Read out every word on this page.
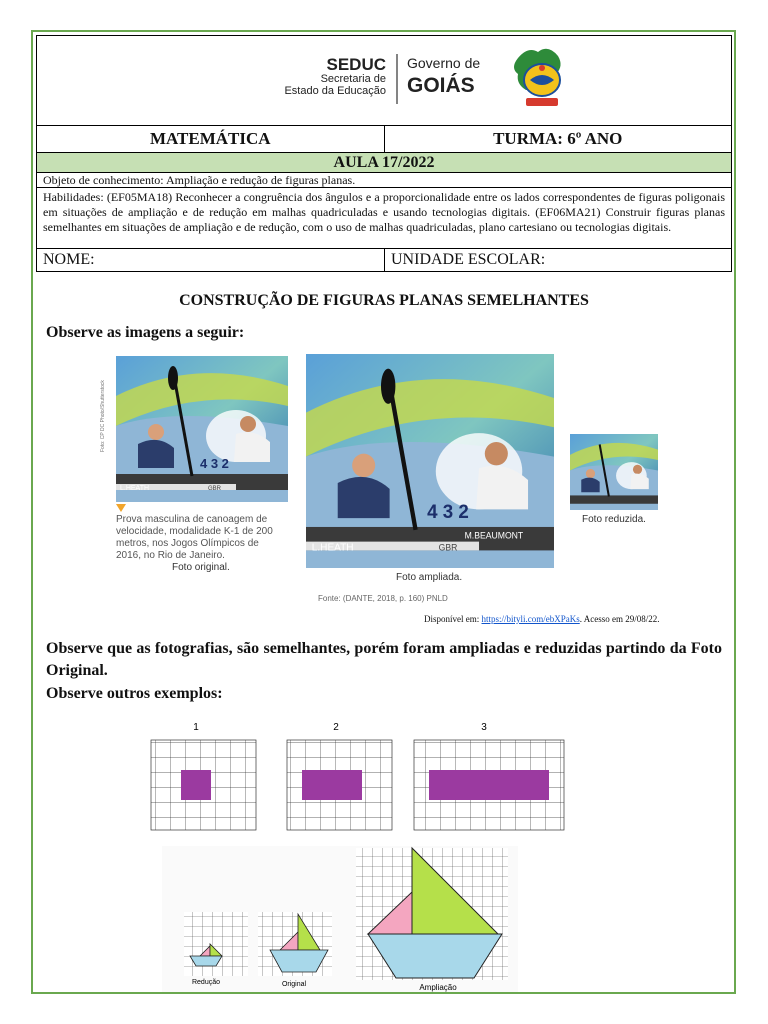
SEDUC
Secretaria de
Estado da Educação
Governo de
GOIÁS
MATEMÁTICA	TURMA: 6º ANO
AULA 17/2022
Objeto de conhecimento: Ampliação e redução de figuras planas.
Habilidades: (EF05MA18) Reconhecer a congruência dos ângulos e a proporcionalidade entre os lados correspondentes de figuras poligonais em situações de ampliação e de redução em malhas quadriculadas e usando tecnologias digitais. (EF06MA21) Construir figuras planas semelhantes em situações de ampliação e de redução, com o uso de malhas quadriculadas, plano cartesiano ou tecnologias digitais.
NOME:	UNIDADE ESCOLAR:
CONSTRUÇÃO DE FIGURAS PLANAS SEMELHANTES
Observe as imagens a seguir:
4 3 2
L.HEATH	GBR
Foto: CP DC Photo/Shutterstock
Prova masculina de canoagem de velocidade, modalidade K-1 de 200 metros, nos Jogos Olímpicos de 2016, no Rio de Janeiro.
Foto original.
4 3 2
L.HEATH
M.BEAUMONT
GBR
Foto ampliada.
Fonte: (DANTE, 2018, p. 160) PNLD
Foto reduzida.
Disponível em: https://bityli.com/ebXPaKs. Acesso em 29/08/22.
Observe que as fotografias, são semelhantes, porém foram ampliadas e reduzidas partindo da Foto Original.
Observe outros exemplos:
1	2	3
Redução	Original	Ampliação
